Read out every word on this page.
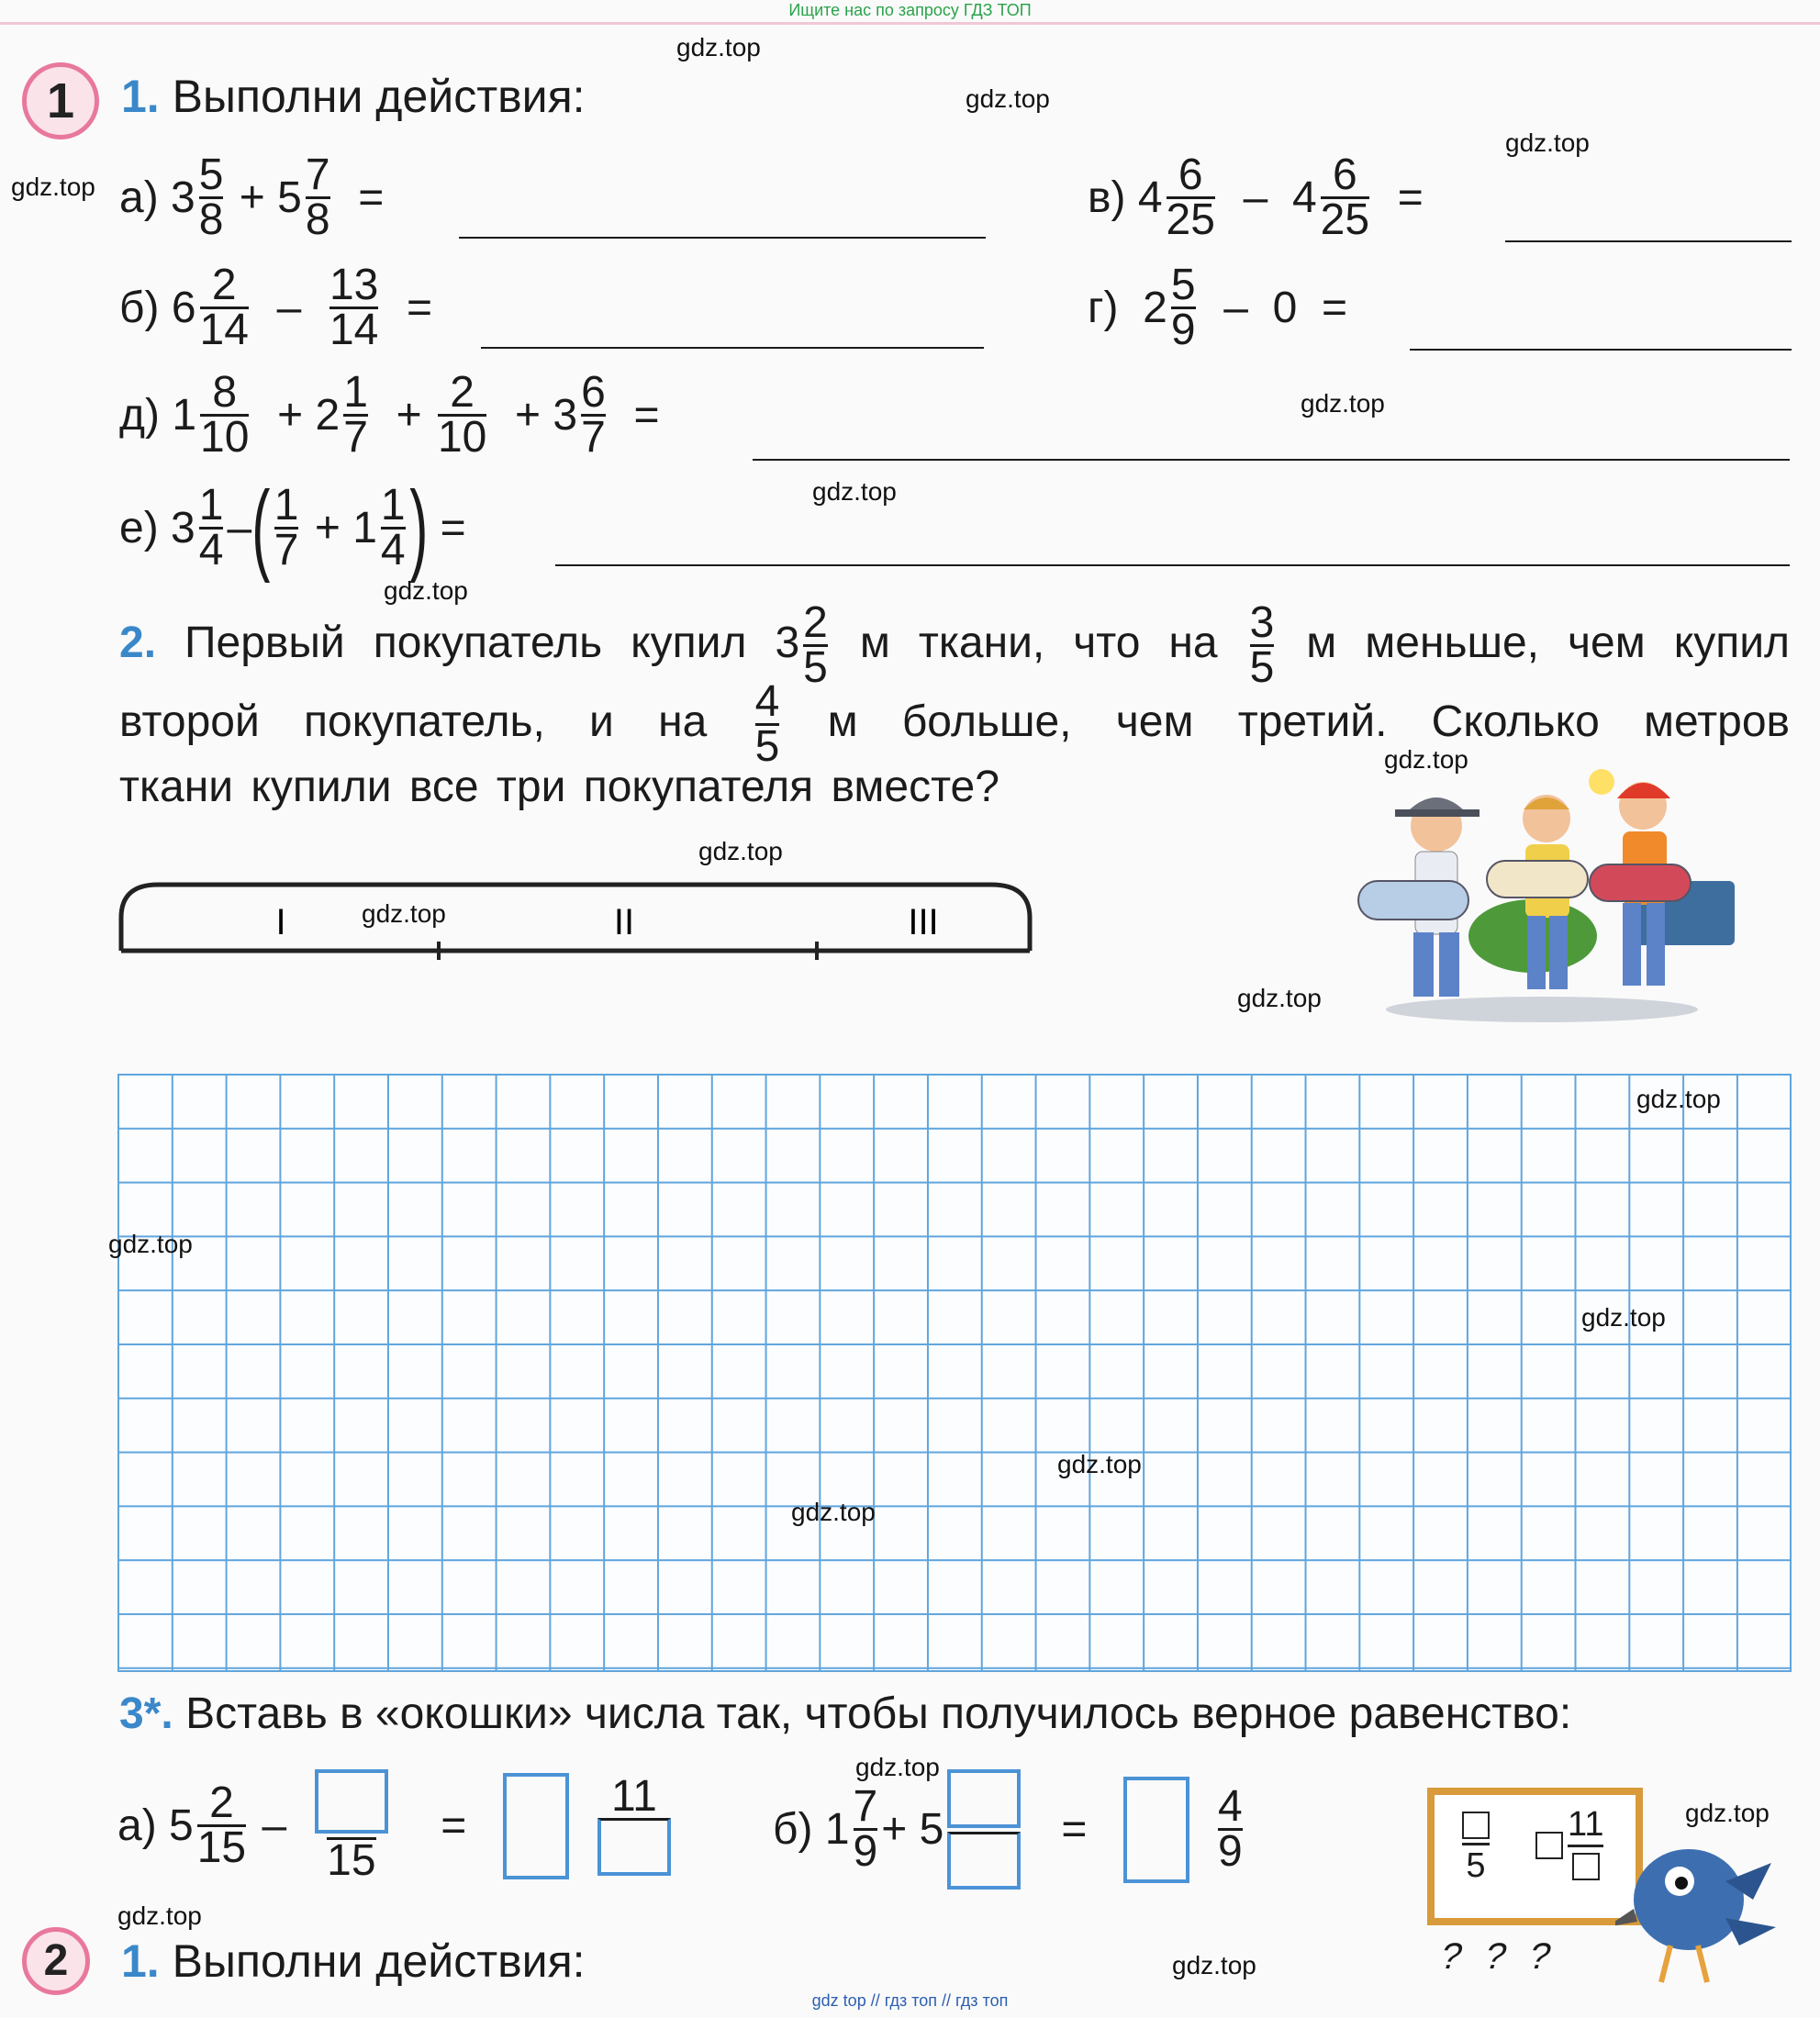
Ищите нас по запросу ГДЗ ТОП
gdz top // гдз топ // гдз топ
1	1. Выполни действия:
а)
$3 \frac{5}{8}$
+
$5 \frac{7}{8}$
=	в)
$4 \frac{6}{25}$
–
$4 \frac{6}{25}$
=
б)
$6 \frac{2}{14}$
–
$\frac{13}{14}$
=	г)
$2 \frac{5}{9}$
–
0
=
д)
$1 \frac{8}{10}$
+
$2 \frac{1}{7}$
+
$\frac{2}{10}$
+
$3 \frac{6}{7}$
=
е)
$3 \frac{1}{4}$ – ( $\frac{1}{7}$
+
$1 \frac{1}{4}$ )
=
2. Первый покупатель купил $3 \frac{2}{5}$ м ткани, что на $\frac{3}{5}$ м меньше, чем купил
второй покупатель, и на $\frac{4}{5}$ м больше, чем третий. Сколько метров
ткани купили все три покупателя вместе?
I	II	III
3*. Вставь в «окошки» числа так, чтобы получилось верное равенство:
а)
$5 \frac{2}{15}$
–

15

=

11
б)
$1 \frac{7}{9}$ +
5
	=

	$\frac{4}{9}$	5
11
???
2	1. Выполни действия:
gdz.top
gdz.top
gdz.top
gdz.top
gdz.top
gdz.top
gdz.top
gdz.top
gdz.top
gdz.top
gdz.top
gdz.top
gdz.top
gdz.top
gdz.top
gdz.top
gdz.top
gdz.top
gdz.top
gdz.top
